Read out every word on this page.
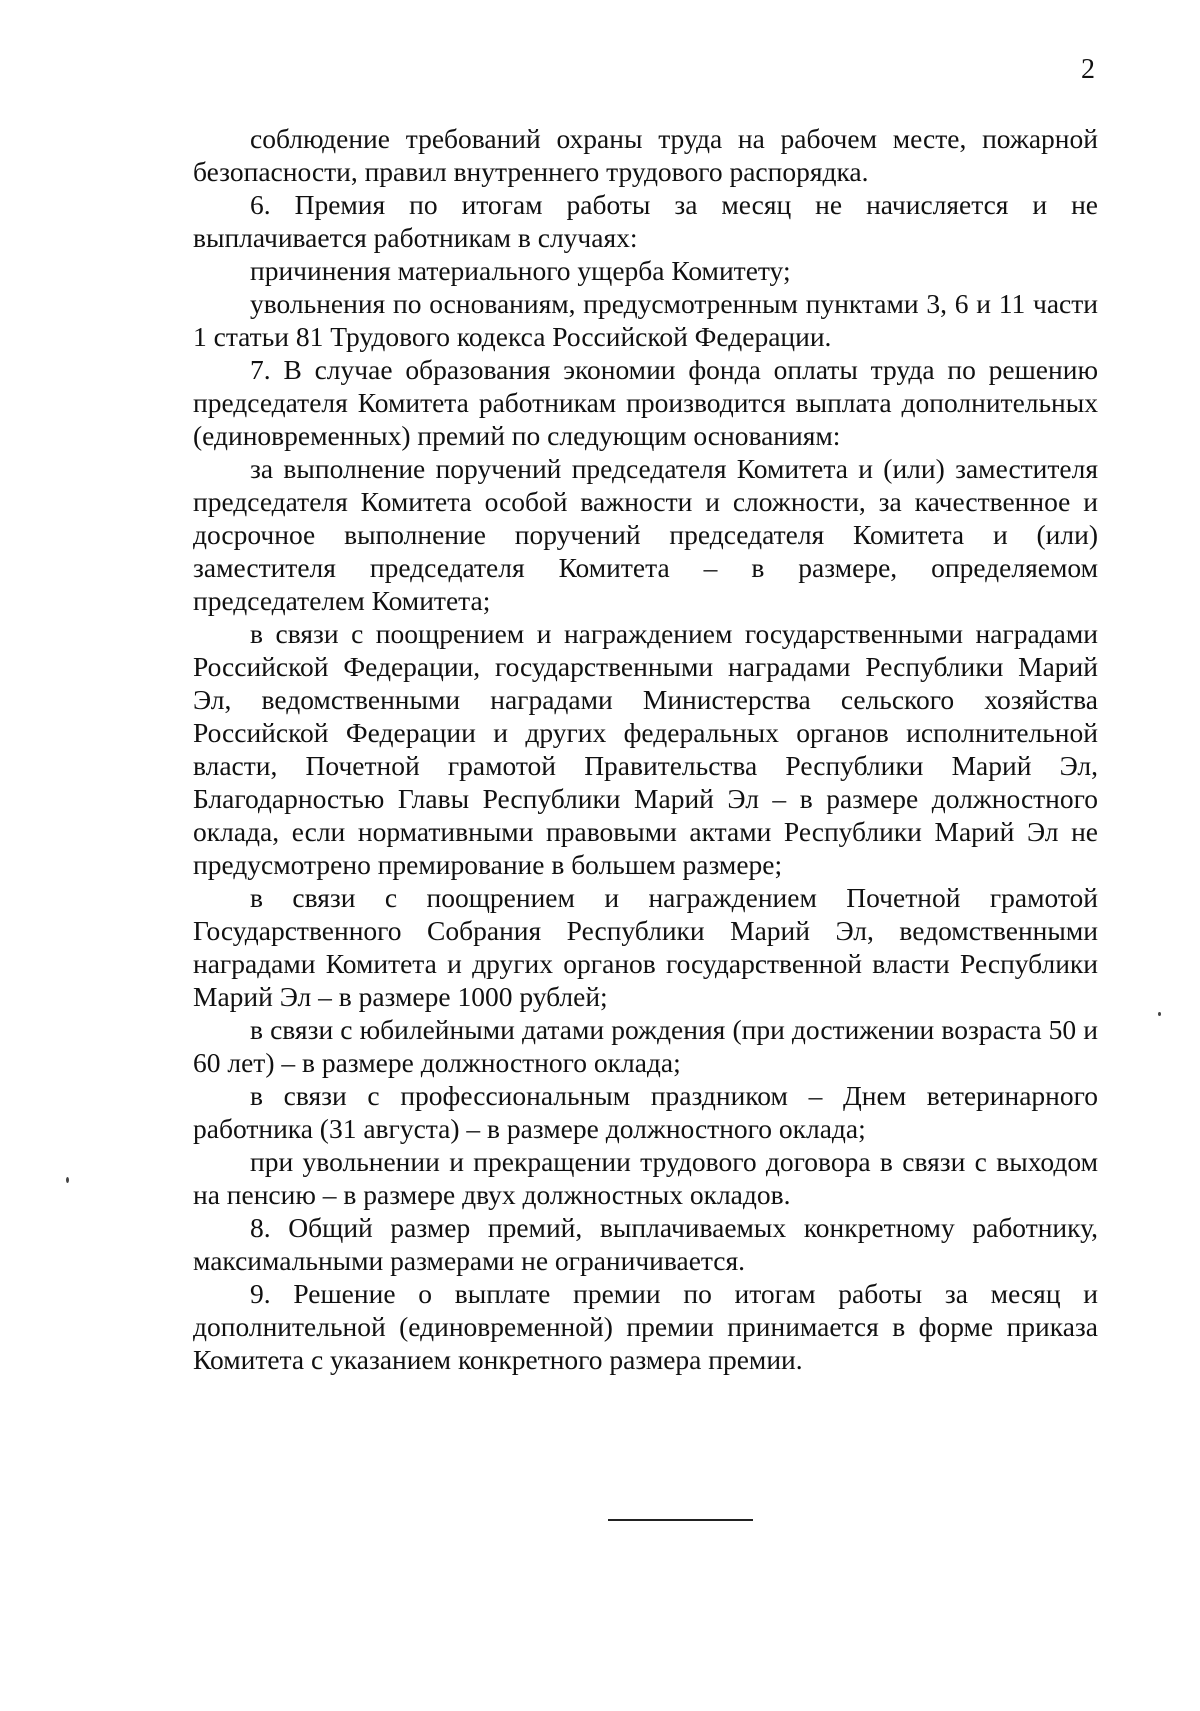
2

соблюдение требований охраны труда на рабочем месте, пожарной безопасности, правил внутреннего трудового распорядка.

6. Премия по итогам работы за месяц не начисляется и не выплачивается работникам в случаях:

причинения материального ущерба Комитету;

увольнения по основаниям, предусмотренным пунктами 3, 6 и 11 части 1 статьи 81 Трудового кодекса Российской Федерации.

7. В случае образования экономии фонда оплаты труда по решению председателя Комитета работникам производится выплата дополнительных (единовременных) премий по следующим основаниям:

за выполнение поручений председателя Комитета и (или) заместителя председателя Комитета особой важности и сложности, за качественное и досрочное выполнение поручений председателя Комитета и (или) заместителя председателя Комитета – в размере, определяемом председателем Комитета;

в связи с поощрением и награждением государственными наградами Российской Федерации, государственными наградами Республики Марий Эл, ведомственными наградами Министерства сельского хозяйства Российской Федерации и других федеральных органов исполнительной власти, Почетной грамотой Правительства Республики Марий Эл, Благодарностью Главы Республики Марий Эл – в размере должностного оклада, если нормативными правовыми актами Республики Марий Эл не предусмотрено премирование в большем размере;

в связи с поощрением и награждением Почетной грамотой Государственного Собрания Республики Марий Эл, ведомственными наградами Комитета и других органов государственной власти Республики Марий Эл – в размере 1000 рублей;

в связи с юбилейными датами рождения (при достижении возраста 50 и 60 лет) – в размере должностного оклада;

в связи с профессиональным праздником – Днем ветеринарного работника (31 августа) – в размере должностного оклада;

при увольнении и прекращении трудового договора в связи с выходом на пенсию – в размере двух должностных окладов.

8. Общий размер премий, выплачиваемых конкретному работнику, максимальными размерами не ограничивается.

9. Решение о выплате премии по итогам работы за месяц и дополнительной (единовременной) премии принимается в форме приказа Комитета с указанием конкретного размера премии.
